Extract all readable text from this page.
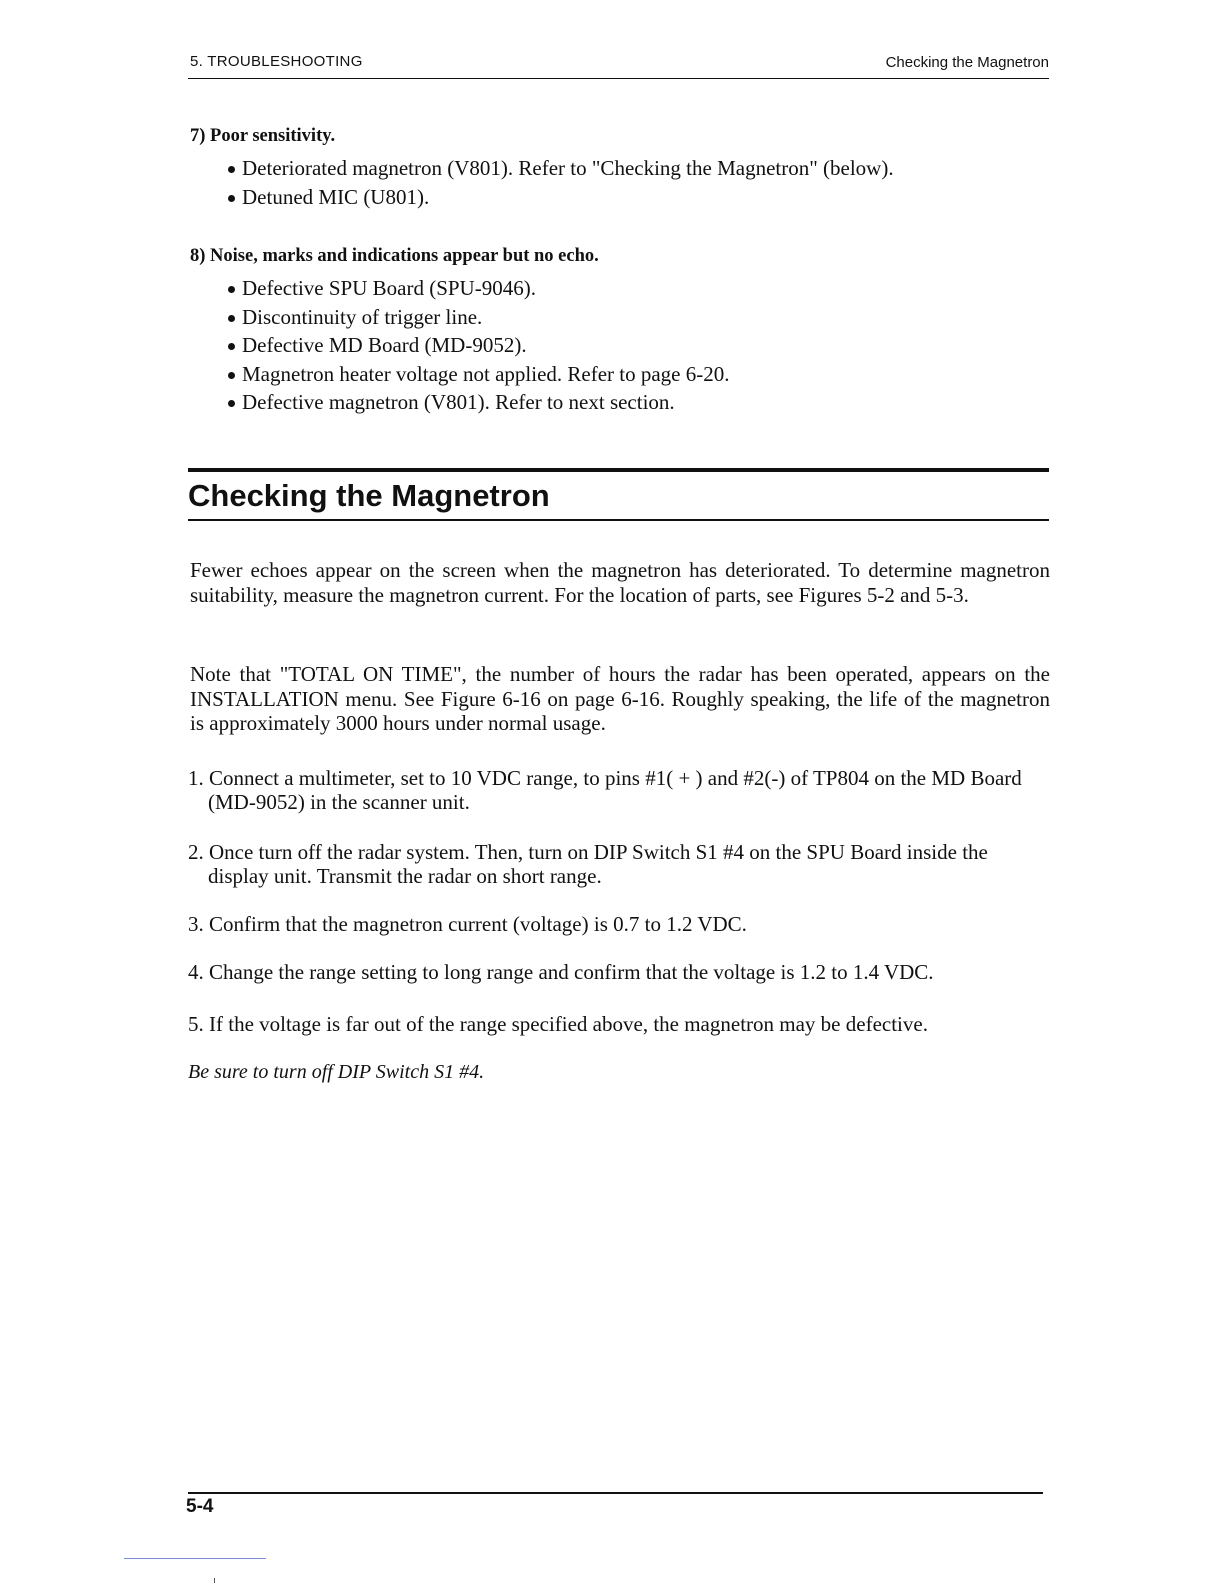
5. TROUBLESHOOTING	Checking the Magnetron

7) Poor sensitivity.

Deteriorated magnetron (V801). Refer to "Checking the Magnetron" (below).
Detuned MIC (U801).

8) Noise, marks and indications appear but no echo.

Defective SPU Board (SPU-9046).
Discontinuity of trigger line.
Defective MD Board (MD-9052).
Magnetron heater voltage not applied. Refer to page 6-20.
Defective magnetron (V801). Refer to next section.
Checking the Magnetron

Fewer echoes appear on the screen when the magnetron has deteriorated. To determine magnetron suitability, measure the magnetron current. For the location of parts, see Figures 5-2 and 5-3.

Note that "TOTAL ON TIME", the number of hours the radar has been operated, appears on the INSTALLATION menu. See Figure 6-16 on page 6-16. Roughly speaking, the life of the magnetron is approximately 3000 hours under normal usage.

1. Connect a multimeter, set to 10 VDC range, to pins #1( + ) and #2(-) of TP804 on the MD Board (MD-9052) in the scanner unit.
2. Once turn off the radar system. Then, turn on DIP Switch S1 #4 on the SPU Board inside the display unit. Transmit the radar on short range.
3. Confirm that the magnetron current (voltage) is 0.7 to 1.2 VDC.
4. Change the range setting to long range and confirm that the voltage is 1.2 to 1.4 VDC.
5. If the voltage is far out of the range specified above, the magnetron may be defective.

Be sure to turn off DIP Switch S1 #4.

5-4
